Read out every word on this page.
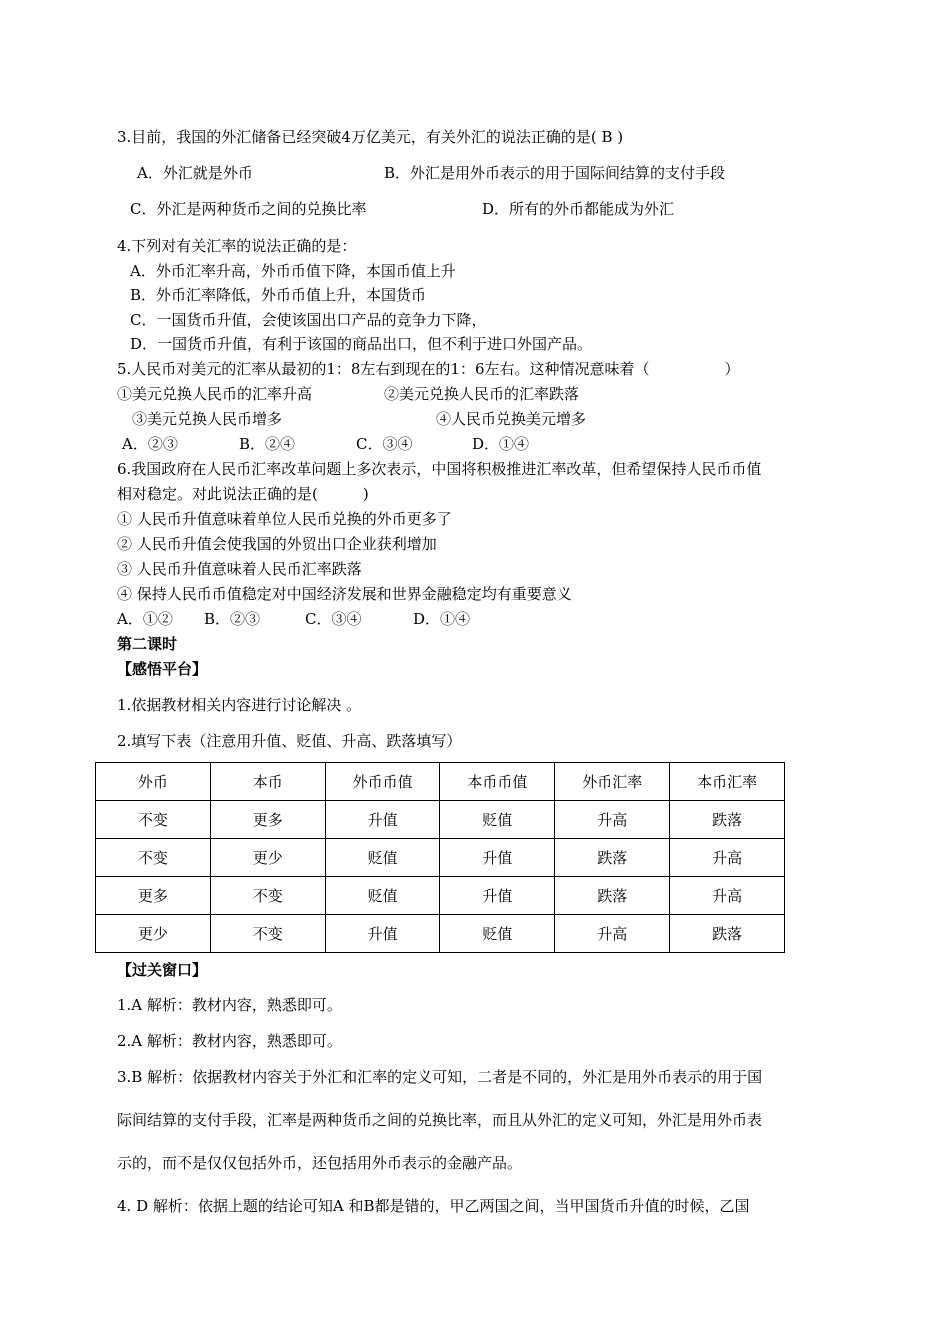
3.目前，我国的外汇储备已经突破4万亿美元，有关外汇的说法正确的是( B )
A．外汇就是外币	B．外汇是用外币表示的用于国际间结算的支付手段
C．外汇是两种货币之间的兑换比率	D．所有的外币都能成为外汇
4.下列对有关汇率的说法正确的是：
A．外币汇率升高，外币币值下降，本国币值上升
B．外币汇率降低，外币币值上升，本国货币
C．一国货币升值，会使该国出口产品的竞争力下降，
D．一国货币升值，有利于该国的商品出口，但不利于进口外国产品。
5.人民币对美元的汇率从最初的1：8左右到现在的1：6左右。这种情况意味着（　　　　　）
①美元兑换人民币的汇率升高	②美元兑换人民币的汇率跌落
③美元兑换人民币增多	④人民币兑换美元增多
A．②③	B．②④	C．③④	D．①④
6.我国政府在人民币汇率改革问题上多次表示，中国将积极推进汇率改革，但希望保持人民币币值
相对稳定。对此说法正确的是(　　　)
① 人民币升值意味着单位人民币兑换的外币更多了
② 人民币升值会使我国的外贸出口企业获利增加
③ 人民币升值意味着人民币汇率跌落
④ 保持人民币币值稳定对中国经济发展和世界金融稳定均有重要意义
A．①② B．②③	C．③④	D．①④
第二课时
【感悟平台】
1.依据教材相关内容进行讨论解决 。
2.填写下表（注意用升值、贬值、升高、跌落填写）
外币	本币	外币币值	本币币值	外币汇率	本币汇率
不变	更多	升值	贬值	升高	跌落
不变	更少	贬值	升值	跌落	升高
更多	不变	贬值	升值	跌落	升高
更少	不变	升值	贬值	升高	跌落
【过关窗口】
1.A 解析：教材内容，熟悉即可。
2.A 解析：教材内容，熟悉即可。
3.B 解析：依据教材内容关于外汇和汇率的定义可知，二者是不同的，外汇是用外币表示的用于国
际间结算的支付手段，汇率是两种货币之间的兑换比率，而且从外汇的定义可知，外汇是用外币表
示的，而不是仅仅包括外币，还包括用外币表示的金融产品。
4. D 解析：依据上题的结论可知A 和B都是错的，甲乙两国之间，当甲国货币升值的时候，乙国
